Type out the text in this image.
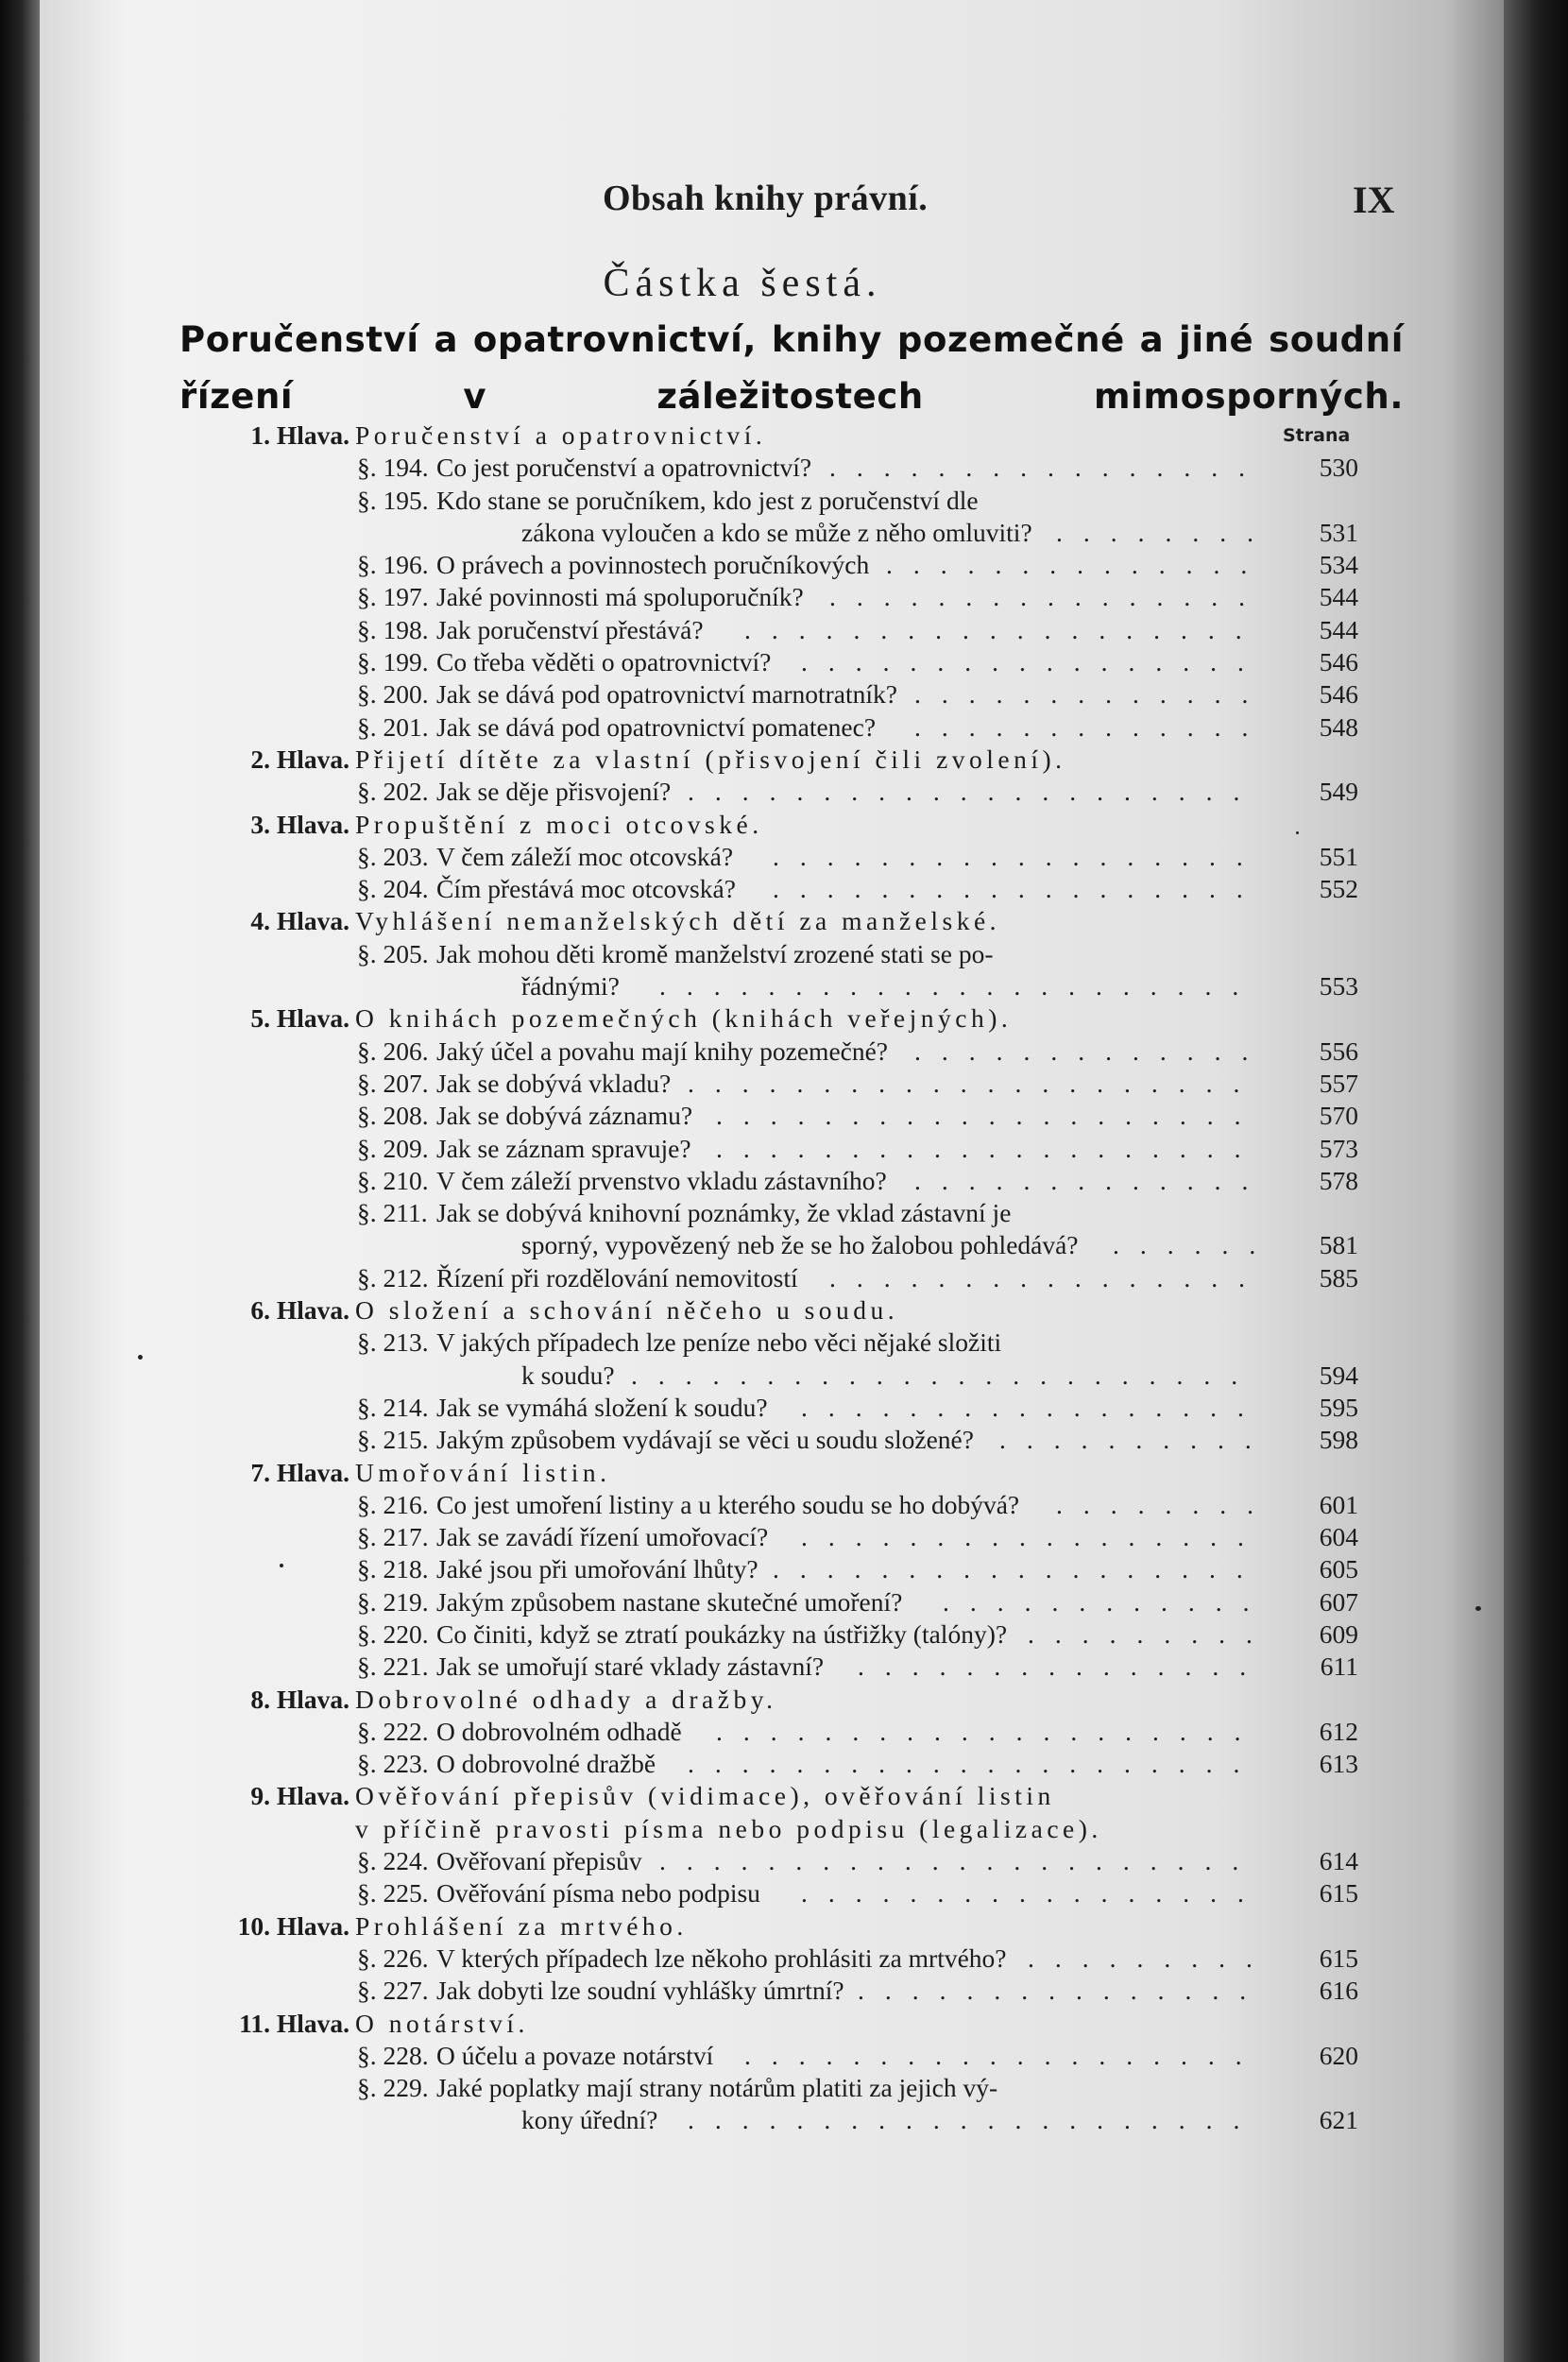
Obsah knihy právní.	IX
Částka šestá.
Poručenství a opatrovnictví, knihy pozemečné a jiné soudní řízení v záležitostech mimosporných.
1. Hlava. Poručenství a opatrovnictví.	Strana
§. 194. Co jest poručenství a opatrovnictví?	530
................
§. 195. Kdo stane se poručníkem, kdo jest z poručenství dle
zákona vyloučen a kdo se může z něho omluviti?	531
........
§. 196. O právech a povinnostech poručníkových	534
..............
§. 197. Jaké povinnosti má spoluporučník?	544
................
§. 198. Jak poručenství přestává?	544
...................
§. 199. Co třeba věděti o opatrovnictví?	546
.................
§. 200. Jak se dává pod opatrovnictví marnotratník?	546
.............
§. 201. Jak se dává pod opatrovnictví pomatenec?	548
.............
2. Hlava. Přijetí dítěte za vlastní (přisvojení čili zvolení).
§. 202. Jak se děje přisvojení?	549
.....................
3. Hlava. Propuštění z moci otcovské.
§. 203. V čem záleží moc otcovská?	551
..................
§. 204. Čím přestává moc otcovská?	552
..................
4. Hlava. Vyhlášení nemanželských dětí za manželské.
§. 205. Jak mohou děti kromě manželství zrozené stati se po-
řádnými?	553
......................
5. Hlava. O knihách pozemečných (knihách veřejných).
§. 206. Jaký účel a povahu mají knihy pozemečné?	556
.............
§. 207. Jak se dobývá vkladu?	557
.....................
§. 208. Jak se dobývá záznamu?	570
....................
§. 209. Jak se záznam spravuje?	573
....................
§. 210. V čem záleží prvenstvo vkladu zástavního?	578
.............
§. 211. Jak se dobývá knihovní poznámky, že vklad zástavní je
sporný, vypovězený neb že se ho žalobou pohledává?	581
......
§. 212. Řízení při rozdělování nemovitostí	585
................
6. Hlava. O složení a schování něčeho u soudu.
§. 213. V jakých případech lze peníze nebo věci nějaké složiti
k soudu?	594
.......................
§. 214. Jak se vymáhá složení k soudu?	595
.................
§. 215. Jakým způsobem vydávají se věci u soudu složené?	598
..........
7. Hlava. Umořování listin.
§. 216. Co jest umoření listiny a u kterého soudu se ho dobývá?	601
........
§. 217. Jak se zavádí řízení umořovací?	604
.................
§. 218. Jaké jsou při umořování lhůty?	605
..................
§. 219. Jakým způsobem nastane skutečné umoření?	607
............
§. 220. Co činiti, když se ztratí poukázky na ústřižky (talóny)?	609
.........
§. 221. Jak se umořují staré vklady zástavní?	611
...............
8. Hlava. Dobrovolné odhady a dražby.
§. 222. O dobrovolném odhadě	612
....................
§. 223. O dobrovolné dražbě	613
.....................
9. Hlava. Ověřování přepisův (vidimace), ověřování listin
v příčině pravosti písma nebo podpisu (legalizace).
§. 224. Ověřovaní přepisův	614
......................
§. 225. Ověřování písma nebo podpisu	615
.................
10. Hlava. Prohlášení za mrtvého.
§. 226. V kterých případech lze někoho prohlásiti za mrtvého?	615
.........
§. 227. Jak dobyti lze soudní vyhlášky úmrtní?	616
...............
11. Hlava. O notárství.
§. 228. O účelu a povaze notárství	620
...................
§. 229. Jaké poplatky mají strany notárům platiti za jejich vý-
kony úřední?	621
.....................
